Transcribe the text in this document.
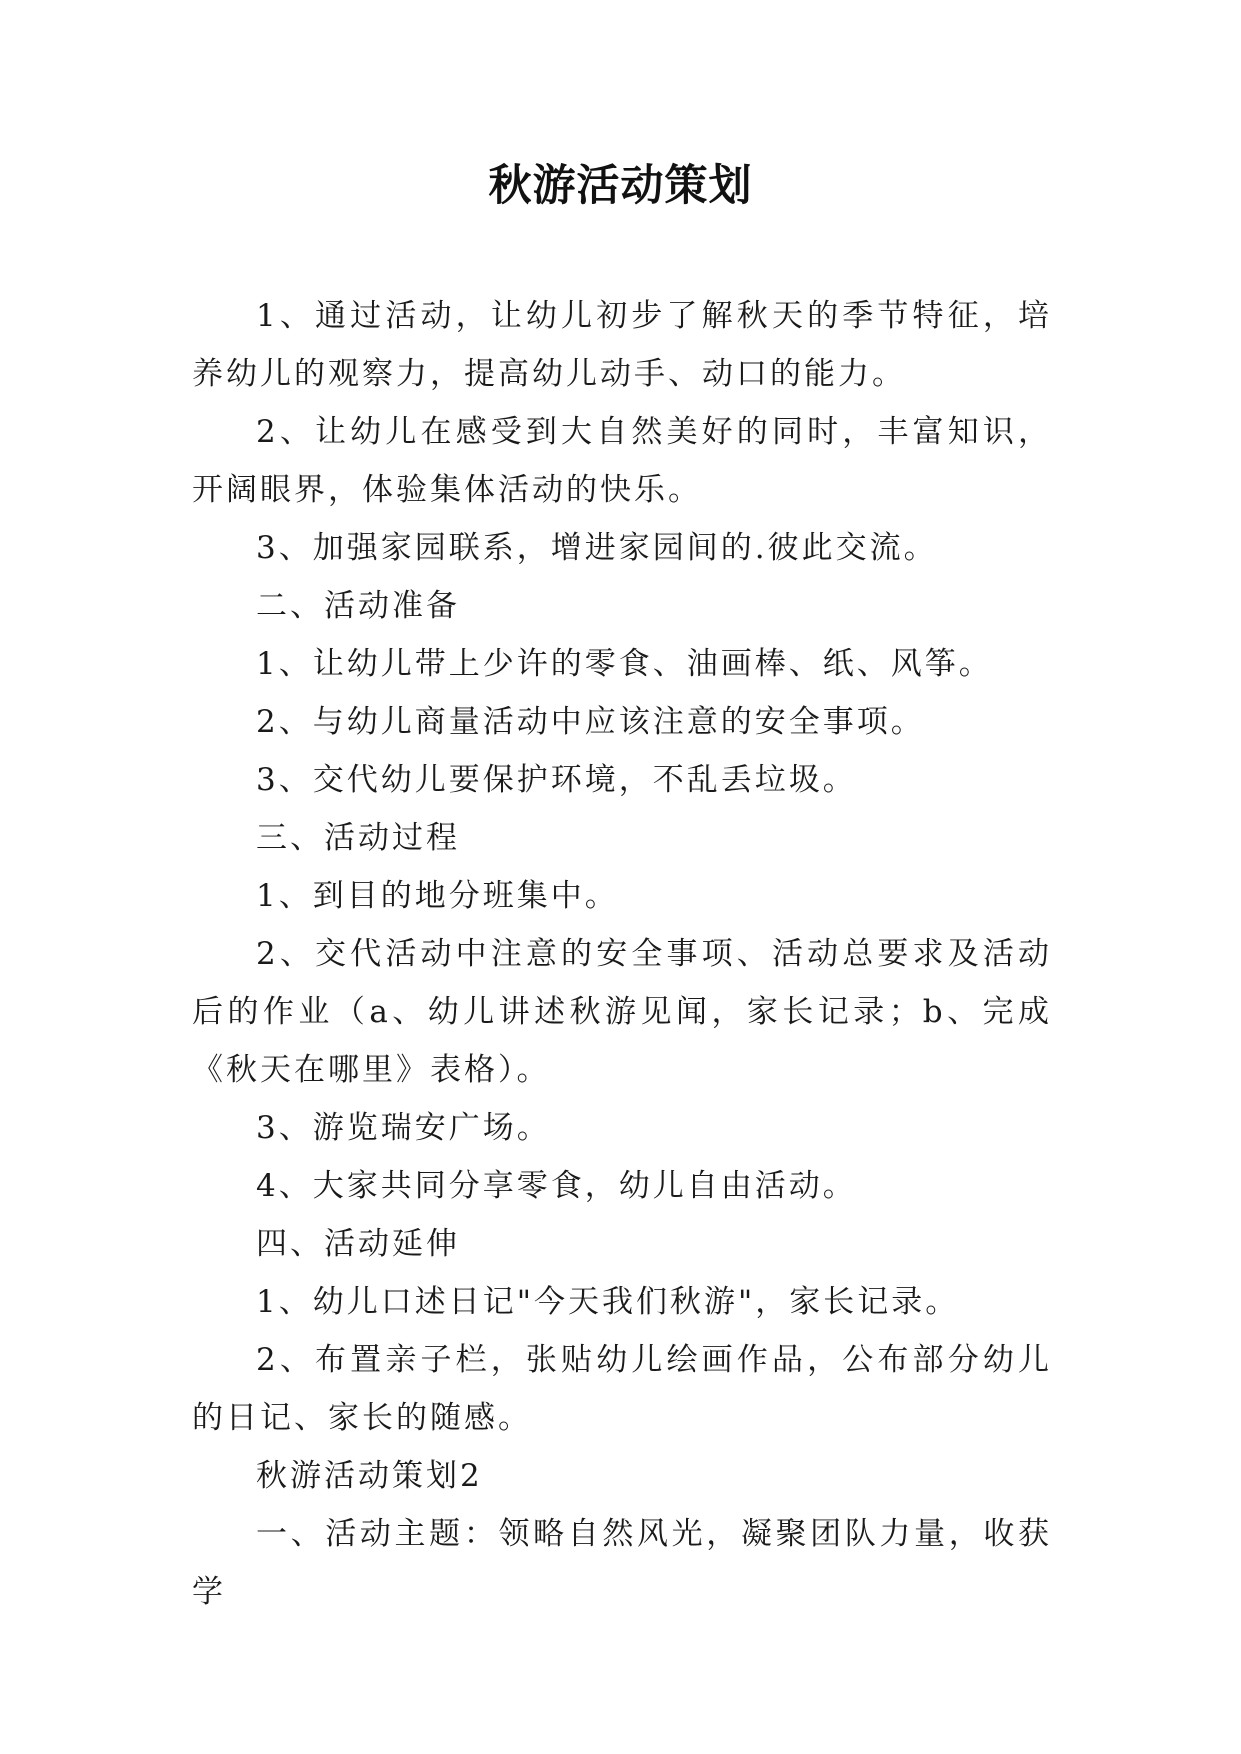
秋游活动策划

1、通过活动，让幼儿初步了解秋天的季节特征，培养幼儿的观察力，提高幼儿动手、动口的能力。

2、让幼儿在感受到大自然美好的同时，丰富知识，开阔眼界，体验集体活动的快乐。

3、加强家园联系，增进家园间的.彼此交流。

二、活动准备

1、让幼儿带上少许的零食、油画棒、纸、风筝。

2、与幼儿商量活动中应该注意的安全事项。

3、交代幼儿要保护环境，不乱丢垃圾。

三、活动过程

1、到目的地分班集中。

2、交代活动中注意的安全事项、活动总要求及活动后的作业（a、幼儿讲述秋游见闻，家长记录；b、完成《秋天在哪里》表格）。

3、游览瑞安广场。

4、大家共同分享零食，幼儿自由活动。

四、活动延伸

1、幼儿口述日记"今天我们秋游"，家长记录。

2、布置亲子栏，张贴幼儿绘画作品，公布部分幼儿的日记、家长的随感。

秋游活动策划2

一、活动主题：领略自然风光，凝聚团队力量，收获学
